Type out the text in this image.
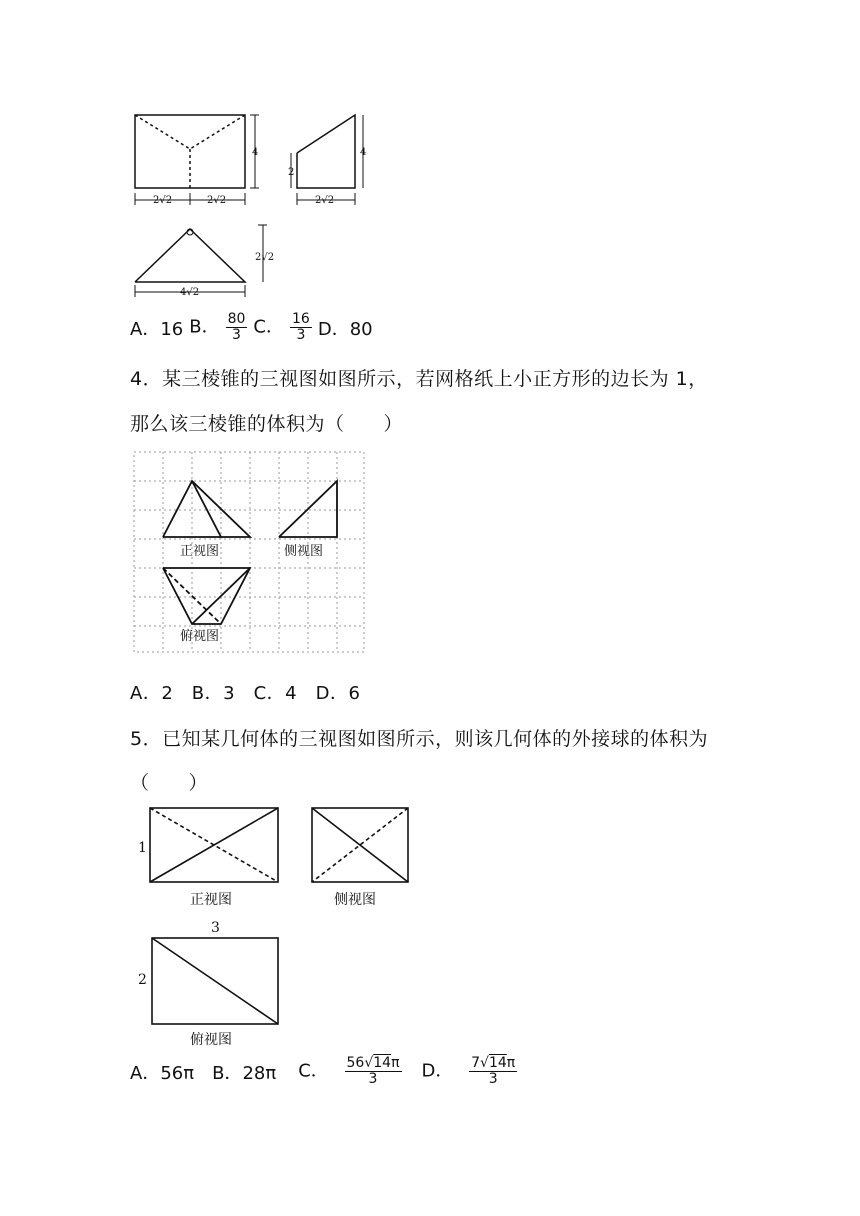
4
2√2	2√2
2
4
2√2
2√2
4√2
A．16 B． $\frac{80}{3}$ C． $\frac{16}{3}$ D．80
4．某三棱锥的三视图如图所示，若网格纸上小正方形的边长为 1，
那么该三棱锥的体积为（　　）
正视图	侧视图
俯视图
A．2　B．3　C．4　D．6
5．已知某几何体的三视图如图所示，则该几何体的外接球的体积为
（　　）
1
正视图	侧视图
3
2
俯视图
A．56π B．28π C． $\frac{56√14\pi}{3}$ D． $\frac{7√14\pi}{3}$
